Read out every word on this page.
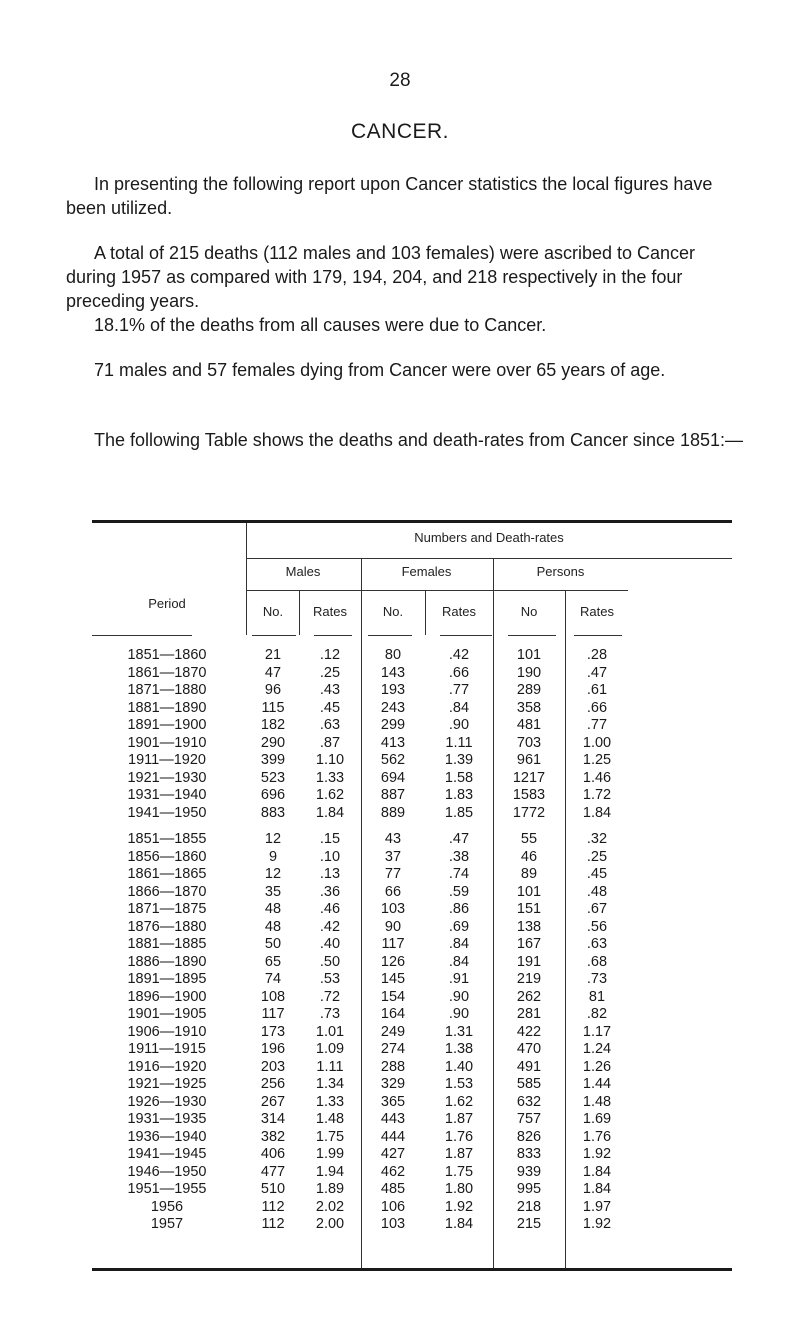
28
CANCER.

In presenting the following report upon Cancer statistics the local figures have been utilized.

A total of 215 deaths (112 males and 103 females) were ascribed to Cancer during 1957 as compared with 179, 194, 204, and 218 respectively in the four preceding years.

18.1% of the deaths from all causes were due to Cancer.

71 males and 57 females dying from Cancer were over 65 years of age.

The following Table shows the deaths and death-rates from Cancer since 1851:—

Period
Numbers and Death-rates
Males	Females	Persons
No.	Rates	No.	Rates	No	Rates
1851—1860	21	.12	80	.42	101	.28
1861—1870	47	.25	143	.66	190	.47
1871—1880	96	.43	193	.77	289	.61
1881—1890	115	.45	243	.84	358	.66
1891—1900	182	.63	299	.90	481	.77
1901—1910	290	.87	413	1.11	703	1.00
1911—1920	399	1.10	562	1.39	961	1.25
1921—1930	523	1.33	694	1.58	1217	1.46
1931—1940	696	1.62	887	1.83	1583	1.72
1941—1950	883	1.84	889	1.85	1772	1.84
1851—1855	12	.15	43	.47	55	.32
1856—1860	9	.10	37	.38	46	.25
1861—1865	12	.13	77	.74	89	.45
1866—1870	35	.36	66	.59	101	.48
1871—1875	48	.46	103	.86	151	.67
1876—1880	48	.42	90	.69	138	.56
1881—1885	50	.40	117	.84	167	.63
1886—1890	65	.50	126	.84	191	.68
1891—1895	74	.53	145	.91	219	.73
1896—1900	108	.72	154	.90	262	81
1901—1905	117	.73	164	.90	281	.82
1906—1910	173	1.01	249	1.31	422	1.17
1911—1915	196	1.09	274	1.38	470	1.24
1916—1920	203	1.11	288	1.40	491	1.26
1921—1925	256	1.34	329	1.53	585	1.44
1926—1930	267	1.33	365	1.62	632	1.48
1931—1935	314	1.48	443	1.87	757	1.69
1936—1940	382	1.75	444	1.76	826	1.76
1941—1945	406	1.99	427	1.87	833	1.92
1946—1950	477	1.94	462	1.75	939	1.84
1951—1955	510	1.89	485	1.80	995	1.84
1956	112	2.02	106	1.92	218	1.97
1957	112	2.00	103	1.84	215	1.92
